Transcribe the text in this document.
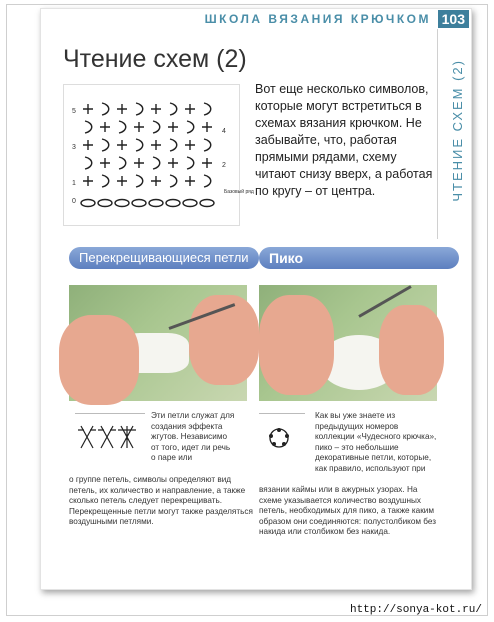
ШКОЛА ВЯЗАНИЯ КРЮЧКОМ 103
ЧТЕНИЕ СХЕМ (2)
Чтение схем (2)
5
4
3
2
1
0
Базовый ряд
Вот еще несколько символов, которые могут встретиться в схемах вязания крючком. Не забывайте, что, работая прямыми рядами, схему читают снизу вверх, а работая по кругу – от центра.
Перекрещивающиеся петли	Пико
Эти петли служат для создания эффекта жгутов. Независимо от того, идет ли речь о паре или
о группе петель, символы определяют вид петель, их количество и направление, а также сколько петель следует перекрещивать. Перекрещенные петли могут также разделяться воздушными петлями.
Как вы уже знаете из предыдущих номеров коллекции «Чудесного крючка», пико – это небольшие декоративные петли, которые, как правило, используют при
вязании каймы или в ажурных узорах. На схеме указывается количество воздушных петель, необходимых для пико, а также каким образом они соединяются: полустолбиком без накида или столбиком без накида.
http://sonya-kot.ru/
